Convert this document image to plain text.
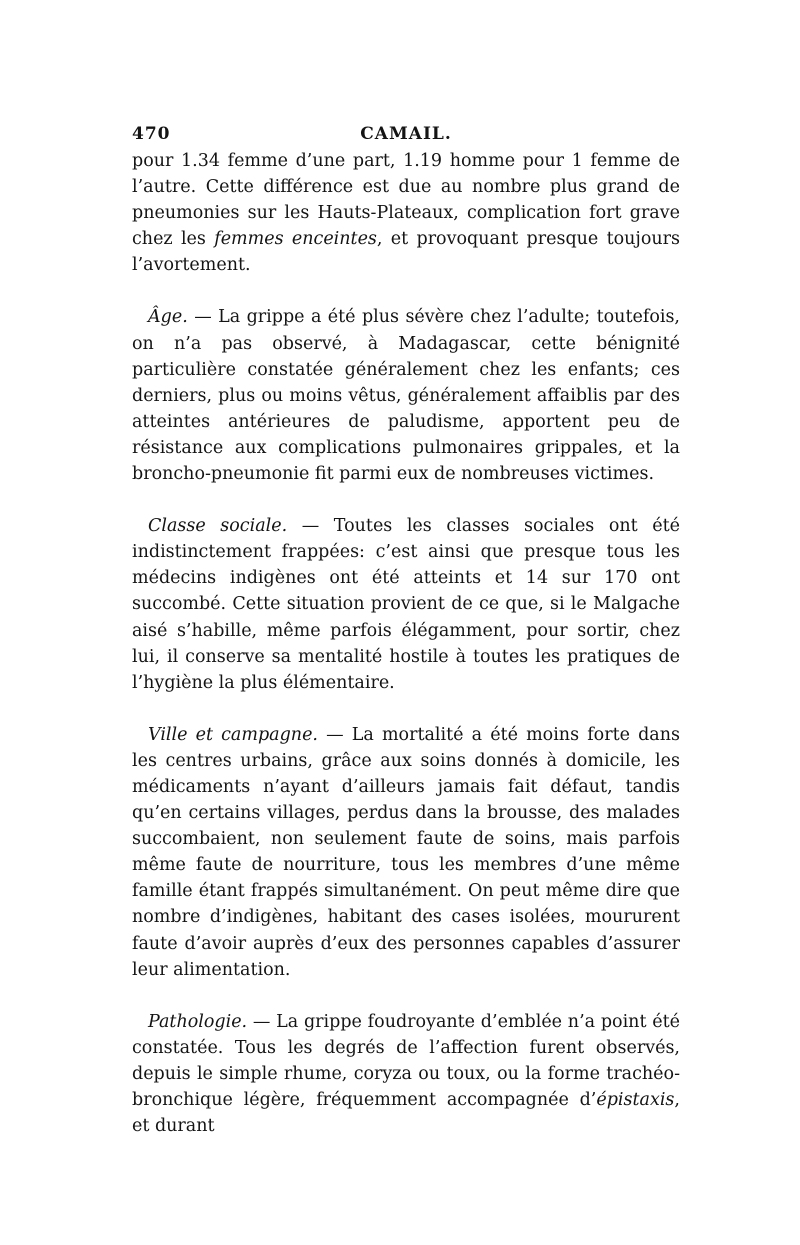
470	CAMAIL.

pour 1.34 femme d’une part, 1.19 homme pour 1 femme de l’autre. Cette différence est due au nombre plus grand de pneumonies sur les Hauts-Plateaux, complication fort grave chez les femmes enceintes, et provoquant presque toujours l’avortement.

Âge. — La grippe a été plus sévère chez l’adulte; toutefois, on n’a pas observé, à Madagascar, cette bénignité particulière constatée généralement chez les enfants; ces derniers, plus ou moins vêtus, généralement affaiblis par des atteintes antérieures de paludisme, apportent peu de résistance aux complications pulmonaires grippales, et la broncho-pneumonie fit parmi eux de nombreuses victimes.

Classe sociale. — Toutes les classes sociales ont été indistinctement frappées: c’est ainsi que presque tous les médecins indigènes ont été atteints et 14 sur 170 ont succombé. Cette situation provient de ce que, si le Malgache aisé s’habille, même parfois élégamment, pour sortir, chez lui, il conserve sa mentalité hostile à toutes les pratiques de l’hygiène la plus élémentaire.

Ville et campagne. — La mortalité a été moins forte dans les centres urbains, grâce aux soins donnés à domicile, les médicaments n’ayant d’ailleurs jamais fait défaut, tandis qu’en certains villages, perdus dans la brousse, des malades succombaient, non seulement faute de soins, mais parfois même faute de nourriture, tous les membres d’une même famille étant frappés simultanément. On peut même dire que nombre d’indigènes, habitant des cases isolées, moururent faute d’avoir auprès d’eux des personnes capables d’assurer leur alimentation.

Pathologie. — La grippe foudroyante d’emblée n’a point été constatée. Tous les degrés de l’affection furent observés, depuis le simple rhume, coryza ou toux, ou la forme trachéo-bronchique légère, fréquemment accompagnée d’épistaxis, et durant
